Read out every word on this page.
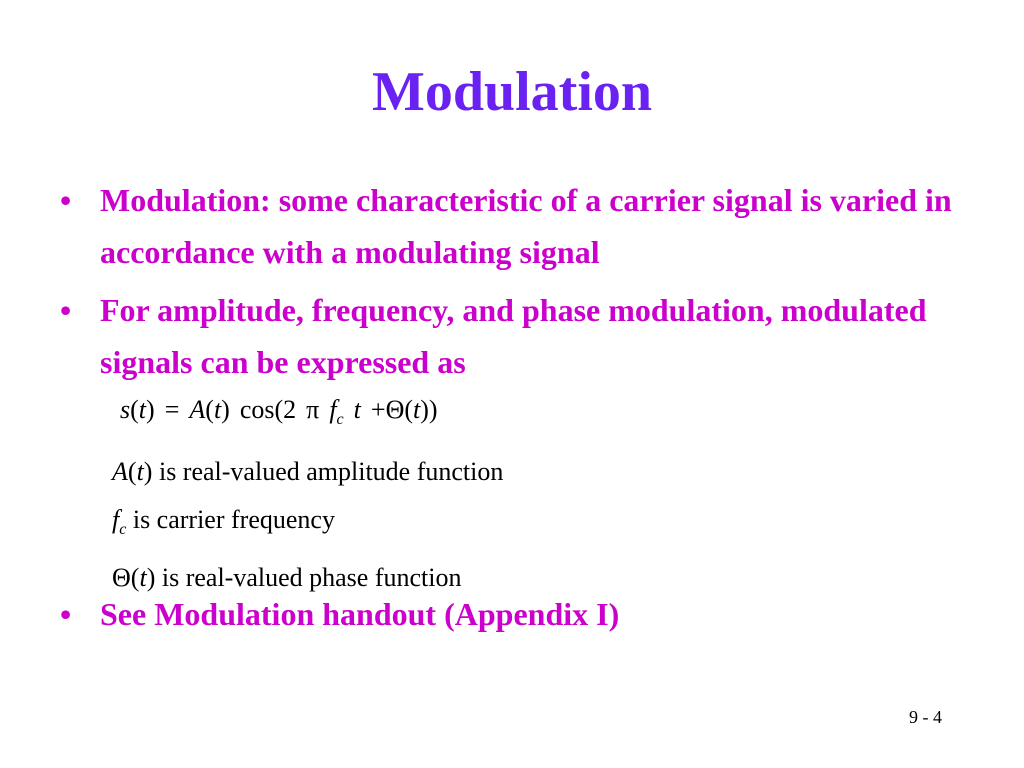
Modulation
• Modulation: some characteristic of a carrier signal is varied in accordance with a modulating signal
• For amplitude, frequency, and phase modulation, modulated signals can be expressed as
s(t) = A(t) cos(2 π $f_c$ t +Θ(t))
A(t) is real-valued amplitude function
$f_c$ is carrier frequency
Θ(t) is real-valued phase function
• See Modulation handout (Appendix I)
9 - 4
